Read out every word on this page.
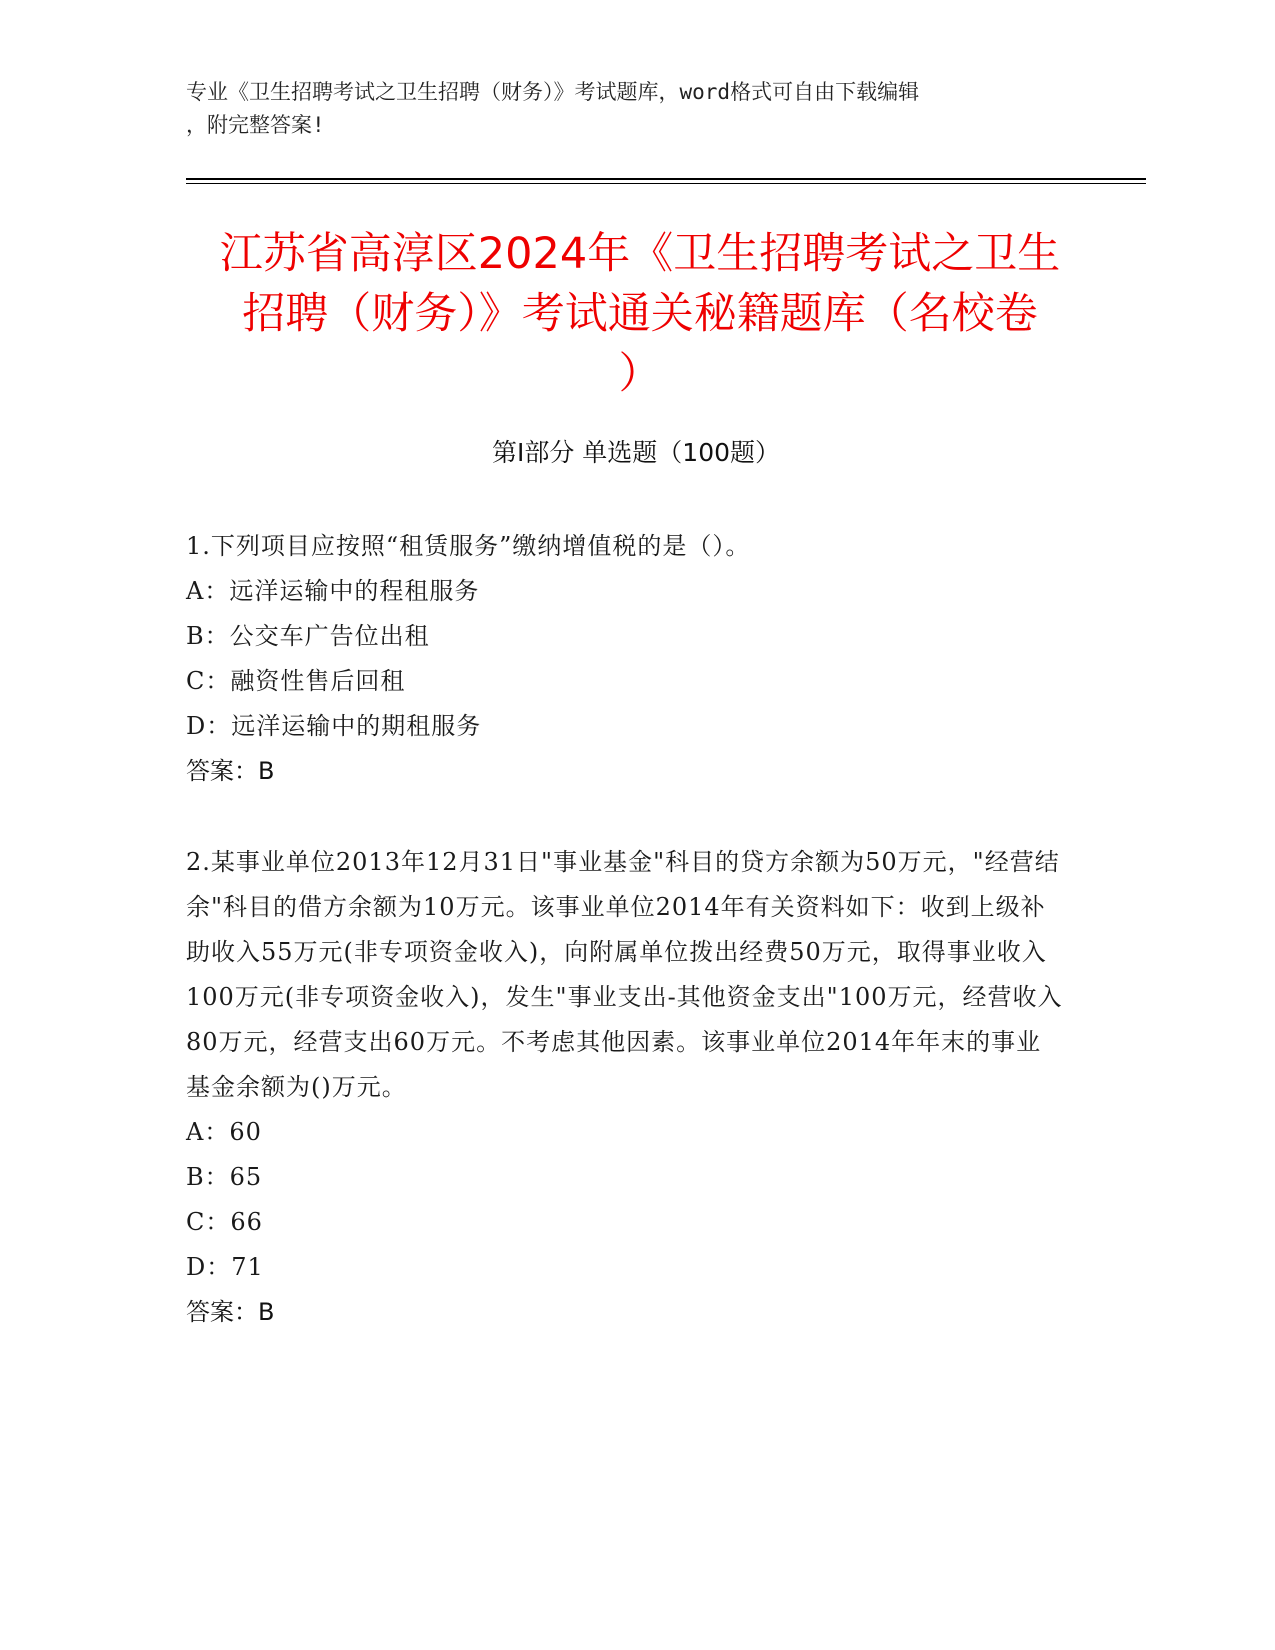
专业《卫生招聘考试之卫生招聘（财务）》考试题库，word格式可自由下载编辑
，附完整答案!
江苏省高淳区2024年《卫生招聘考试之卫生
招聘（财务）》考试通关秘籍题库（名校卷
）
第I部分 单选题（100题）

1.下列项目应按照“租赁服务”缴纳增值税的是（）。

A：远洋运输中的程租服务

B：公交车广告位出租

C：融资性售后回租

D：远洋运输中的期租服务

答案：B

2.某事业单位2013年12月31日"事业基金"科目的贷方余额为50万元，"经营结余"科目的借方余额为10万元。该事业单位2014年有关资料如下：收到上级补助收入55万元(非专项资金收入)，向附属单位拨出经费50万元，取得事业收入100万元(非专项资金收入)，发生"事业支出-其他资金支出"100万元，经营收入80万元，经营支出60万元。不考虑其他因素。该事业单位2014年年末的事业基金余额为()万元。

A：60

B：65

C：66

D：71

答案：B
